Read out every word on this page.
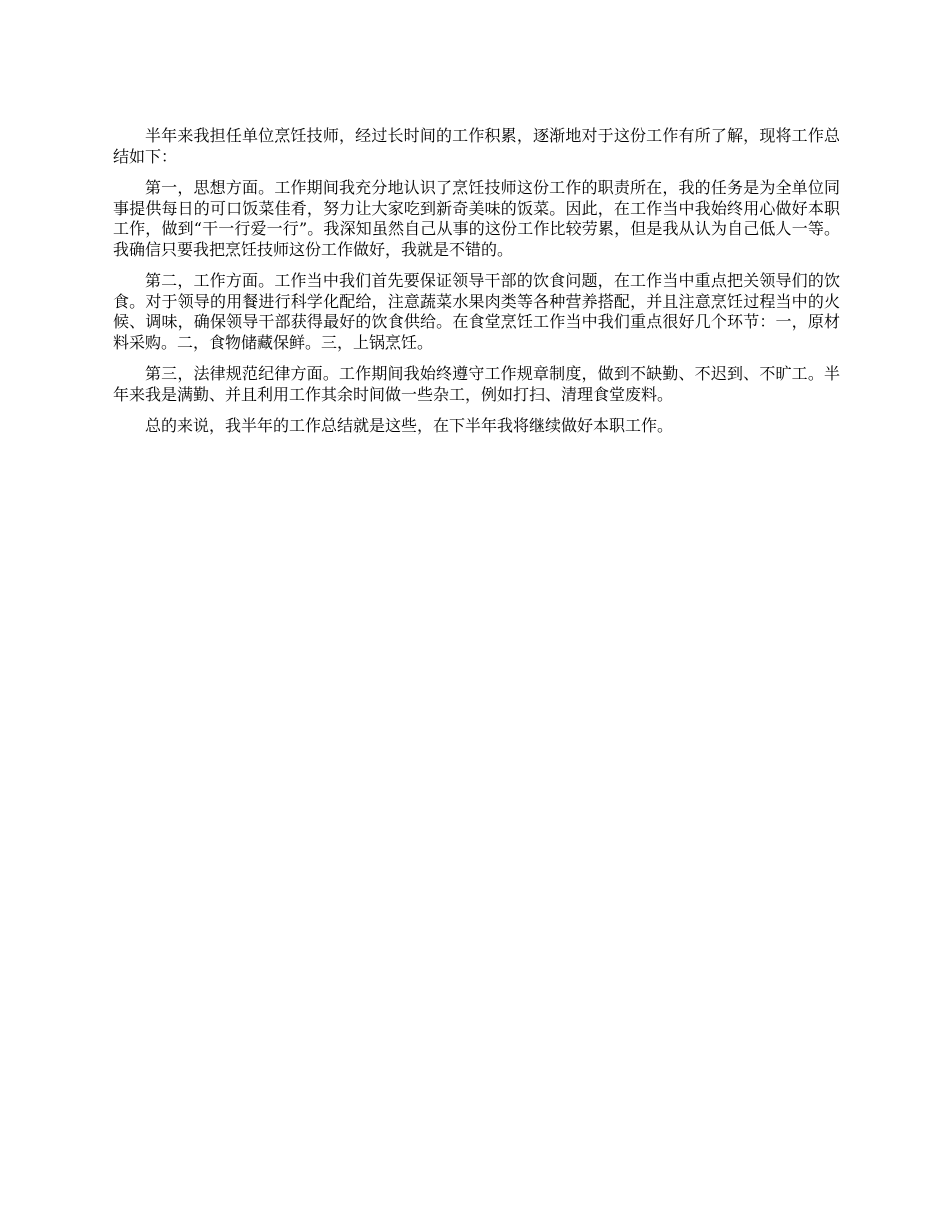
半年来我担任单位烹饪技师，经过长时间的工作积累，逐渐地对于这份工作有所了解，现将工作总结如下：

第一，思想方面。工作期间我充分地认识了烹饪技师这份工作的职责所在，我的任务是为全单位同事提供每日的可口饭菜佳肴，努力让大家吃到新奇美味的饭菜。因此，在工作当中我始终用心做好本职工作，做到“干一行爱一行”。我深知虽然自己从事的这份工作比较劳累，但是我从认为自己低人一等。我确信只要我把烹饪技师这份工作做好，我就是不错的。

第二，工作方面。工作当中我们首先要保证领导干部的饮食问题，在工作当中重点把关领导们的饮食。对于领导的用餐进行科学化配给，注意蔬菜水果肉类等各种营养搭配，并且注意烹饪过程当中的火候、调味，确保领导干部获得最好的饮食供给。在食堂烹饪工作当中我们重点很好几个环节：一，原材料采购。二，食物储藏保鲜。三，上锅烹饪。

第三，法律规范纪律方面。工作期间我始终遵守工作规章制度，做到不缺勤、不迟到、不旷工。半年来我是满勤、并且利用工作其余时间做一些杂工，例如打扫、清理食堂废料。

总的来说，我半年的工作总结就是这些，在下半年我将继续做好本职工作。
